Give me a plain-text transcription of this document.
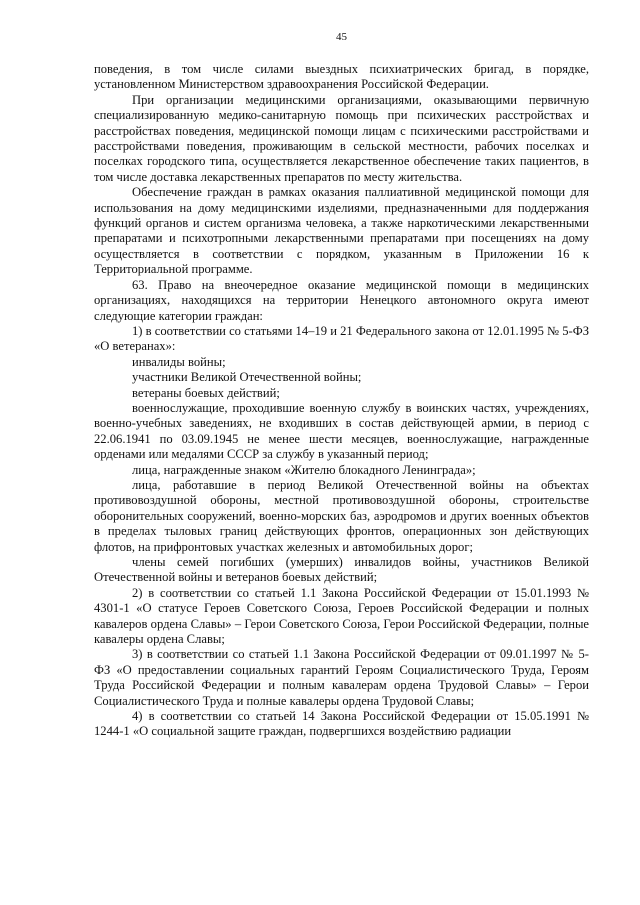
45

поведения, в том числе силами выездных психиатрических бригад, в порядке, установленном Министерством здравоохранения Российской Федерации.

При организации медицинскими организациями, оказывающими первичную специализированную медико-санитарную помощь при психических расстройствах и расстройствах поведения, медицинской помощи лицам с психическими расстройствами и расстройствами поведения, проживающим в сельской местности, рабочих поселках и поселках городского типа, осуществляется лекарственное обеспечение таких пациентов, в том числе доставка лекарственных препаратов по месту жительства.

Обеспечение граждан в рамках оказания паллиативной медицинской помощи для использования на дому медицинскими изделиями, предназначенными для поддержания функций органов и систем организма человека, а также наркотическими лекарственными препаратами и психотропными лекарственными препаратами при посещениях на дому осуществляется в соответствии с порядком, указанным в Приложении 16 к Территориальной программе.

63. Право на внеочередное оказание медицинской помощи в медицинских организациях, находящихся на территории Ненецкого автономного округа имеют следующие категории граждан:

1) в соответствии со статьями 14–19 и 21 Федерального закона от 12.01.1995 № 5-ФЗ «О ветеранах»:

инвалиды войны;

участники Великой Отечественной войны;

ветераны боевых действий;

военнослужащие, проходившие военную службу в воинских частях, учреждениях, военно-учебных заведениях, не входивших в состав действующей армии, в период с 22.06.1941 по 03.09.1945 не менее шести месяцев, военнослужащие, награжденные орденами или медалями СССР за службу в указанный период;

лица, награжденные знаком «Жителю блокадного Ленинграда»;

лица, работавшие в период Великой Отечественной войны на объектах противовоздушной обороны, местной противовоздушной обороны, строительстве оборонительных сооружений, военно-морских баз, аэродромов и других военных объектов в пределах тыловых границ действующих фронтов, операционных зон действующих флотов, на прифронтовых участках железных и автомобильных дорог;

члены семей погибших (умерших) инвалидов войны, участников Великой Отечественной войны и ветеранов боевых действий;

2) в соответствии со статьей 1.1 Закона Российской Федерации от 15.01.1993 № 4301-1 «О статусе Героев Советского Союза, Героев Российской Федерации и полных кавалеров ордена Славы» – Герои Советского Союза, Герои Российской Федерации, полные кавалеры ордена Славы;

3) в соответствии со статьей 1.1 Закона Российской Федерации от 09.01.1997 № 5-ФЗ «О предоставлении социальных гарантий Героям Социалистического Труда, Героям Труда Российской Федерации и полным кавалерам ордена Трудовой Славы» – Герои Социалистического Труда и полные кавалеры ордена Трудовой Славы;

4) в соответствии со статьей 14 Закона Российской Федерации от 15.05.1991 № 1244-1 «О социальной защите граждан, подвергшихся воздействию радиации
